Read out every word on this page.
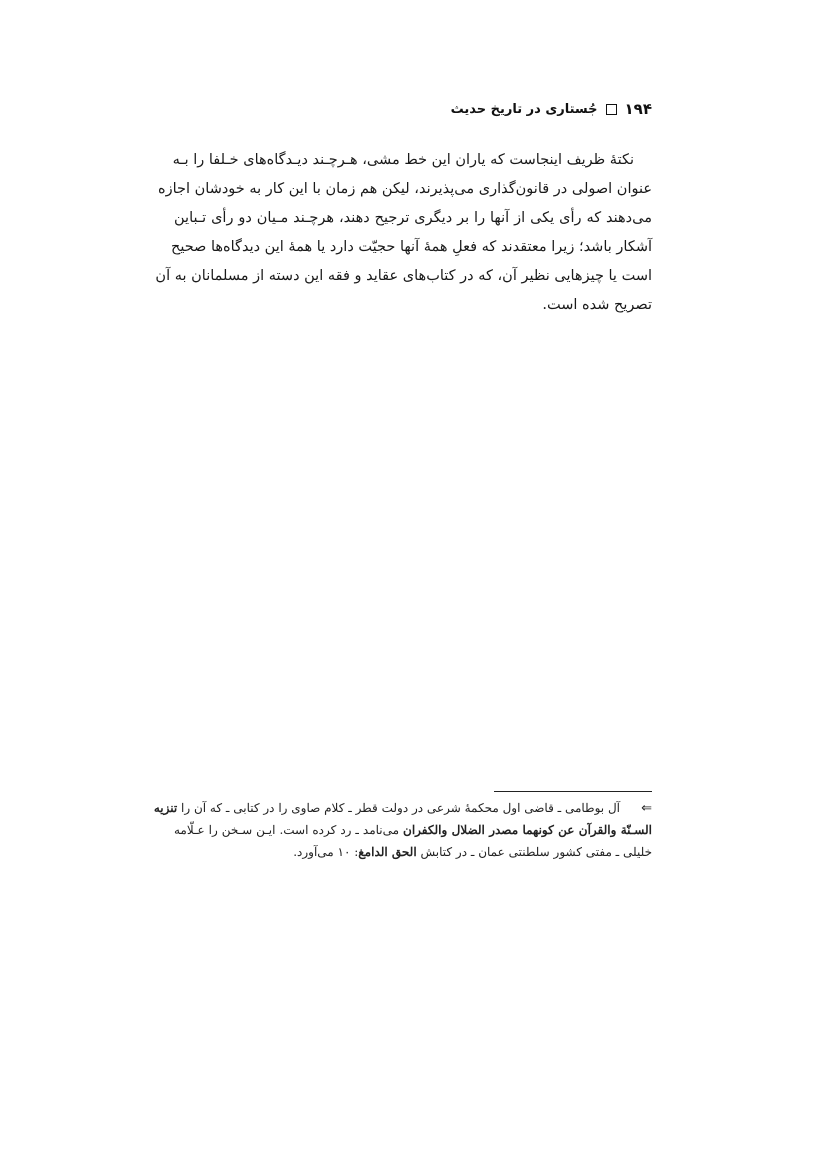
۱۹۴
جُستاری در تاریخ حدیث
نکتهٔ ظریف اینجاست که یاران این خط مشی، هـرچـند دیـدگاه‌های خـلفا را بـه
عنوان اصولی در قانون‌گذاری می‌پذیرند، لیکن هم زمان با این کار به خودشان اجازه
می‌دهند که رأی یکی از آنها را بر دیگری ترجیح دهند، هرچـند مـیان دو رأی تـباین
آشکار باشد؛ زیرا معتقدند که فعلِ همهٔ آنها حجیّت دارد یا همهٔ این دیدگاه‌ها صحیح
است یا چیزهایی نظیر آن، که در کتاب‌های عقاید و فقه این دسته از مسلمانان به آن
تصریح شده است.
⇐آل بوطامی ـ قاضی اول محکمهٔ شرعی در دولت قطر ـ کلام صاوی را در کتابی ـ که آن را تنزیه
السـنّة والقرآن عن کونهما مصدر الضلال والکفران می‌نامد ـ رد کرده است. ایـن سـخن را عـلّامه
خلیلی ـ مفتی کشور سلطنتی عمان ـ در کتابش الحق الدامغ: ۱۰ می‌آورد.
